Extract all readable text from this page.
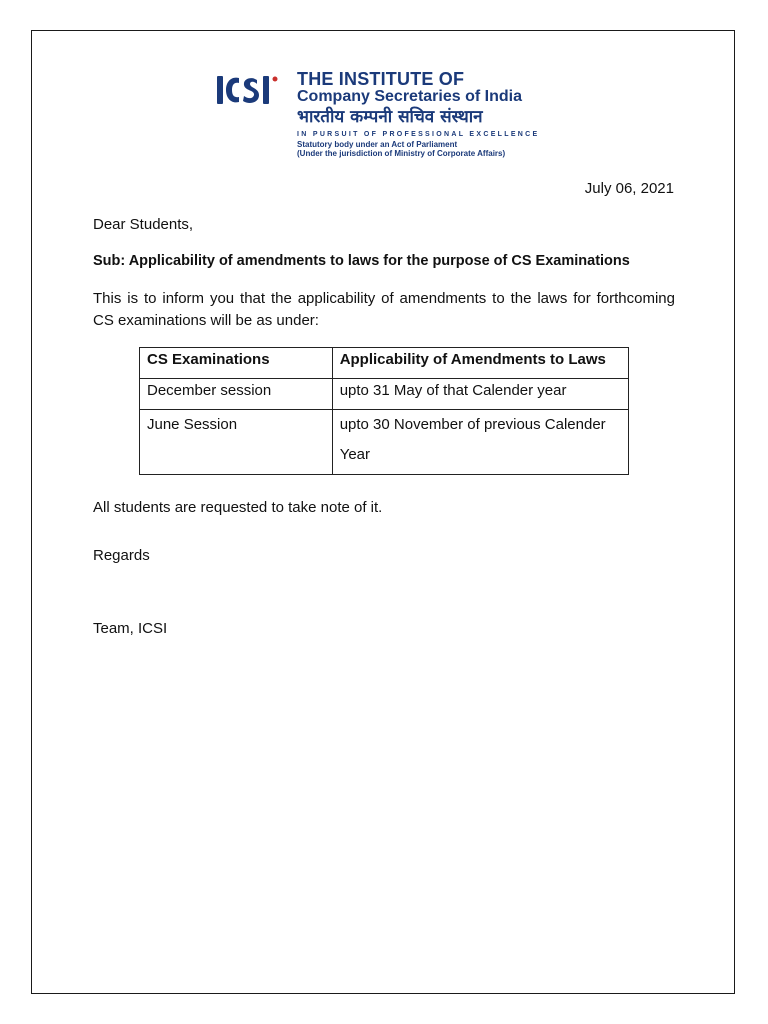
THE INSTITUTE OF
Company Secretaries of India
भारतीय कम्पनी सचिव संस्थान
IN PURSUIT OF PROFESSIONAL EXCELLENCE
Statutory body under an Act of Parliament
(Under the jurisdiction of Ministry of Corporate Affairs)
July 06, 2021
Dear Students,
Sub: Applicability of amendments to laws for the purpose of CS Examinations
This is to inform you that the applicability of amendments to the laws for forthcoming CS examinations will be as under:
CS Examinations	Applicability of Amendments to Laws
December session	upto 31 May of that Calender year
June Session	upto 30 November of previous Calender Year
All students are requested to take note of it.
Regards
Team, ICSI
